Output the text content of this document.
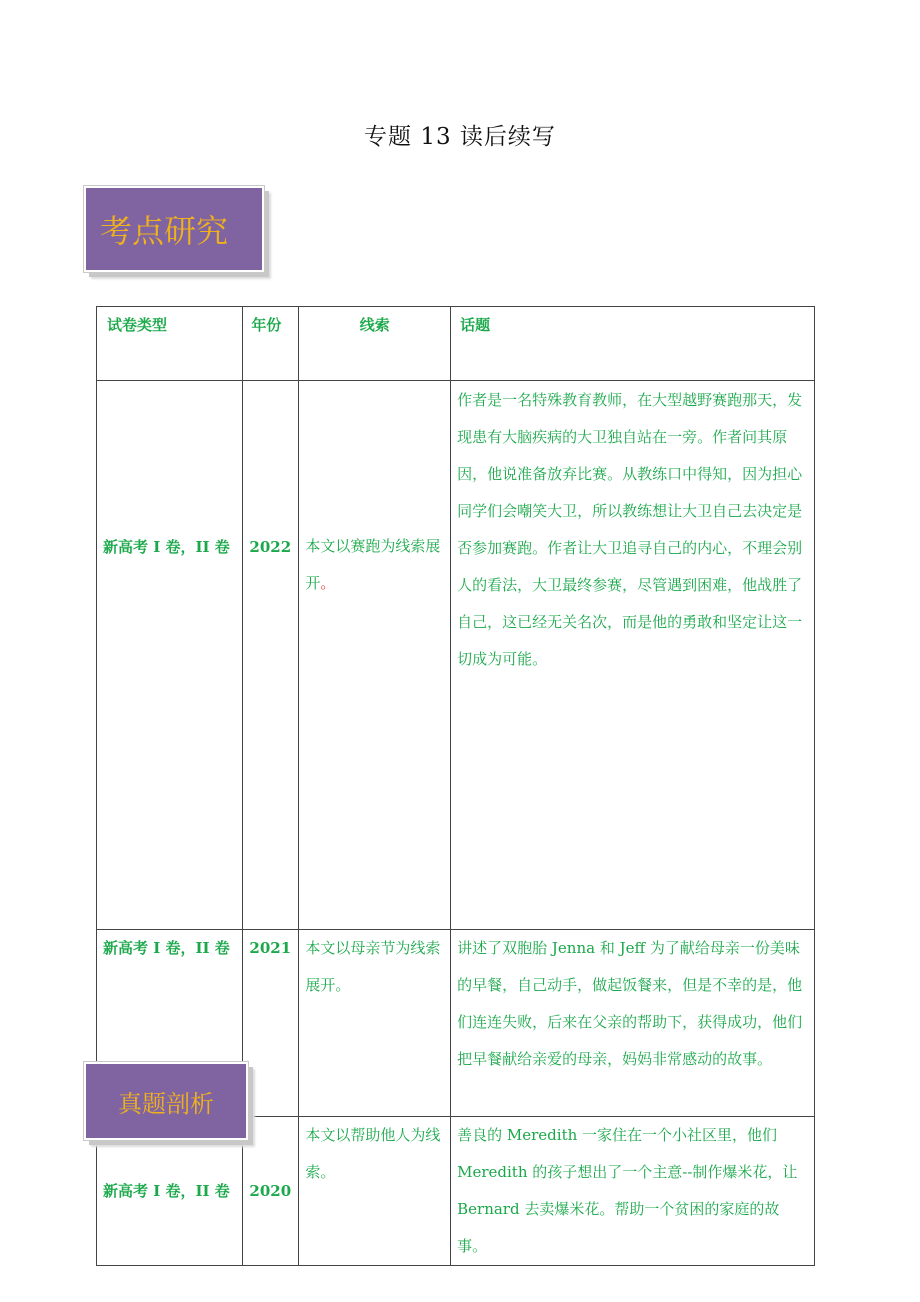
专题 13 读后续写
考点研究
试卷类型	年份	线索	话题
新高考 I 卷，II 卷	2022	本文以赛跑为线索展开。	作者是一名特殊教育教师，在大型越野赛跑那天，发现患有大脑疾病的大卫独自站在一旁。作者问其原因，他说准备放弃比赛。从教练口中得知，因为担心同学们会嘲笑大卫，所以教练想让大卫自己去决定是否参加赛跑。作者让大卫追寻自己的内心，不理会别人的看法，大卫最终参赛，尽管遇到困难，他战胜了自己，这已经无关名次，而是他的勇敢和坚定让这一切成为可能。
新高考 I 卷，II 卷	2021	本文以母亲节为线索展开。	讲述了双胞胎 Jenna 和 Jeff 为了献给母亲一份美味的早餐，自己动手，做起饭餐来，但是不幸的是，他们连连失败，后来在父亲的帮助下，获得成功，他们把早餐献给亲爱的母亲，妈妈非常感动的故事。
新高考 I 卷，II 卷	2020	本文以帮助他人为线索。	善良的 Meredith 一家住在一个小社区里，他们 Meredith 的孩子想出了一个主意--制作爆米花，让 Bernard 去卖爆米花。帮助一个贫困的家庭的故事。
真题剖析
